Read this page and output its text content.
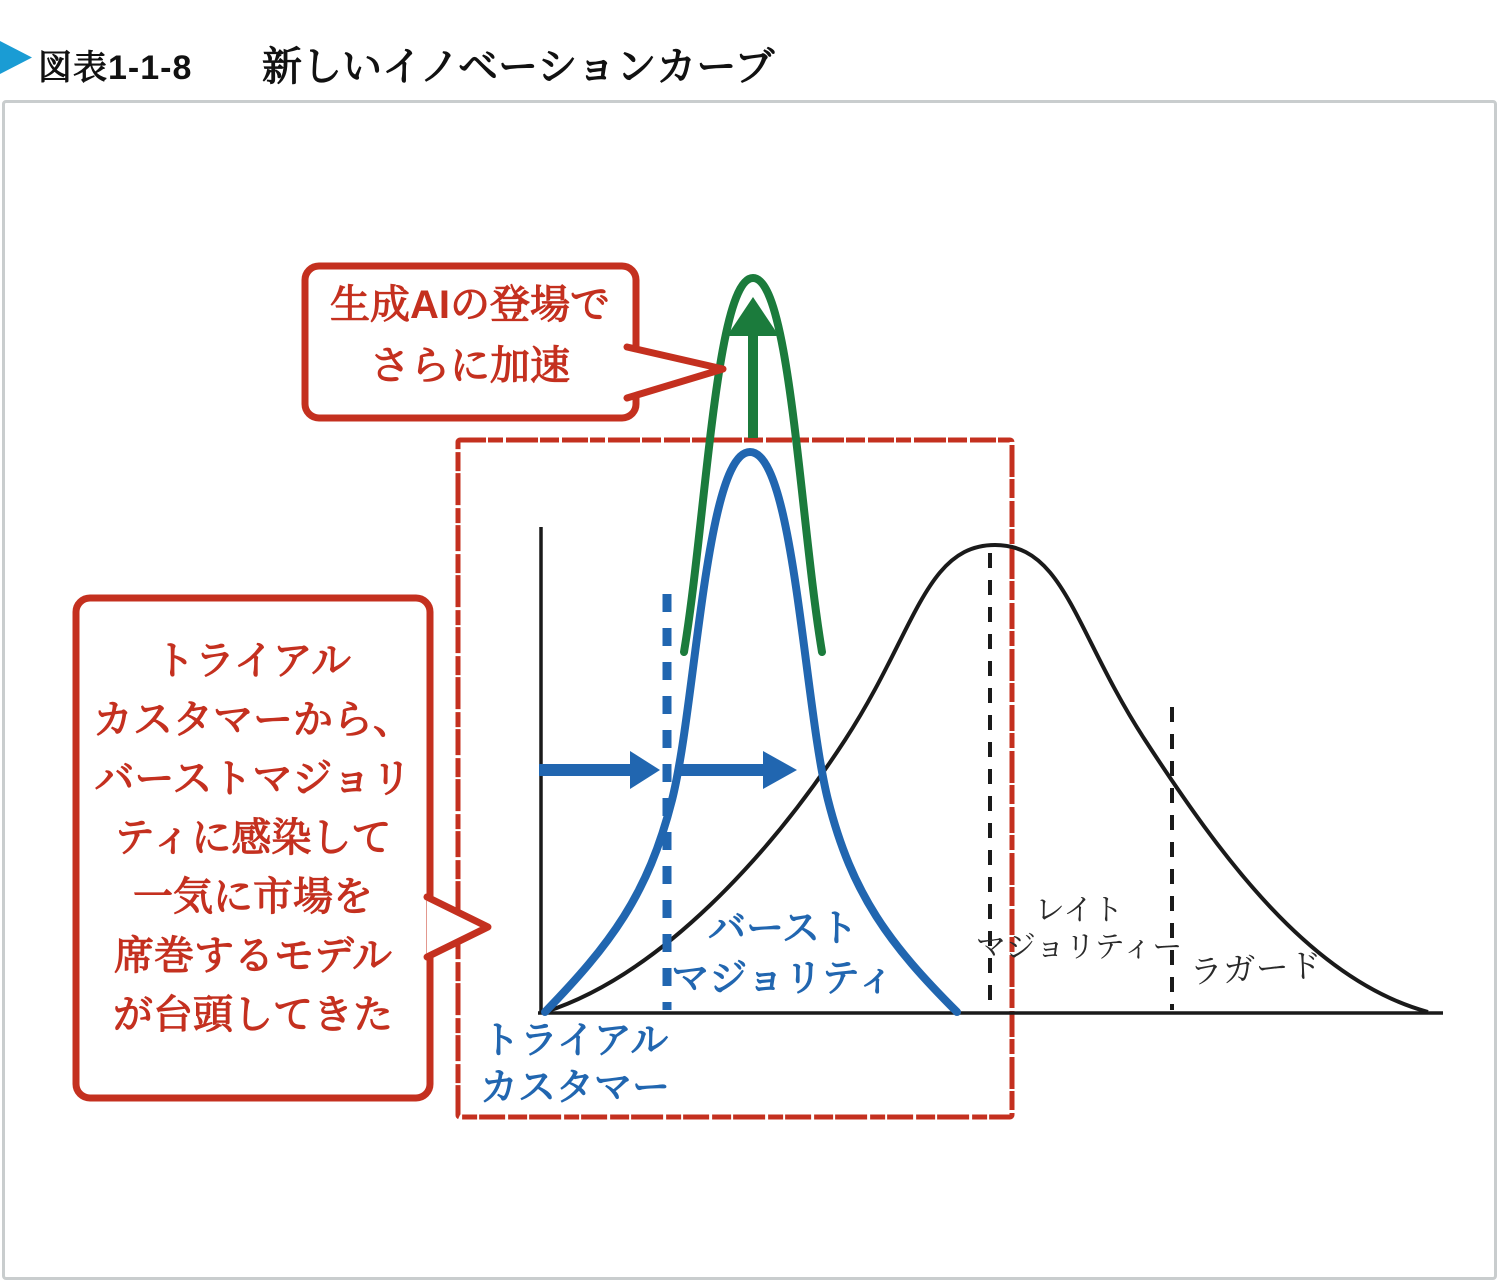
図表1-1-8 新しいイノベーションカーブ
バースト
マジョリティ
トライアル
カスタマー
レイト
マジョリティー ラガード
生成AIの登場で
さらに加速
トライアル
カスタマーから、
バーストマジョリ
ティに感染して
一気に市場を
席巻するモデル
が台頭してきた
